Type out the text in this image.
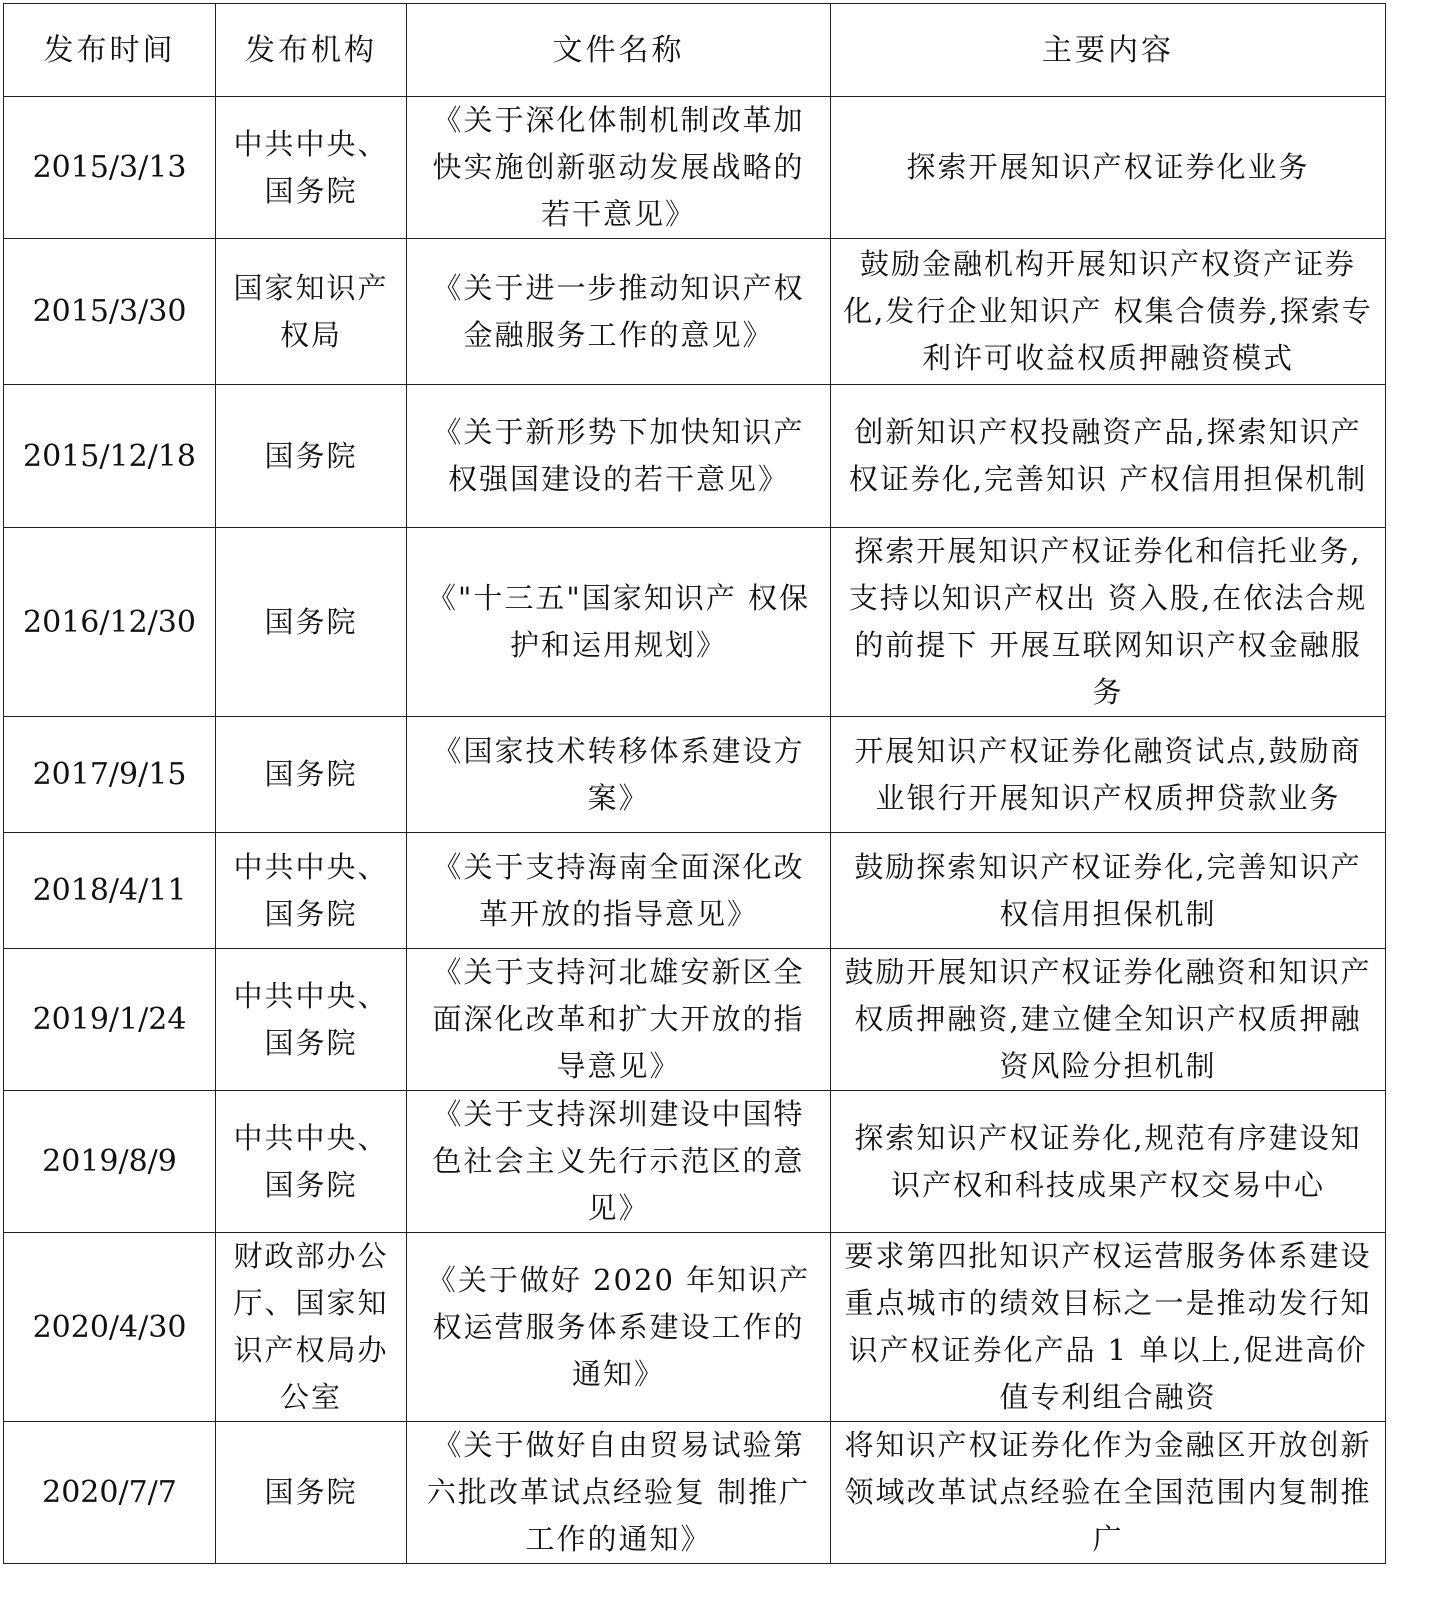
发布时间	发布机构	文件名称	主要内容
2015/3/13	中共中央、国务院	《关于深化体制机制改革加快实施创新驱动发展战略的若干意见》	探索开展知识产权证券化业务
2015/3/30	国家知识产权局	《关于进一步推动知识产权金融服务工作的意见》	鼓励金融机构开展知识产权资产证券化,发行企业知识产 权集合债券,探索专利许可收益权质押融资模式
2015/12/18	国务院	《关于新形势下加快知识产权强国建设的若干意见》	创新知识产权投融资产品,探索知识产权证券化,完善知识 产权信用担保机制
2016/12/30	国务院	《"十三五"国家知识产 权保护和运用规划》	探索开展知识产权证券化和信托业务,支持以知识产权出 资入股,在依法合规的前提下 开展互联网知识产权金融服务
2017/9/15	国务院	《国家技术转移体系建设方案》	开展知识产权证券化融资试点,鼓励商业银行开展知识产权质押贷款业务
2018/4/11	中共中央、国务院	《关于支持海南全面深化改革开放的指导意见》	鼓励探索知识产权证券化,完善知识产权信用担保机制
2019/1/24	中共中央、国务院	《关于支持河北雄安新区全面深化改革和扩大开放的指导意见》	鼓励开展知识产权证券化融资和知识产权质押融资,建立健全知识产权质押融资风险分担机制
2019/8/9	中共中央、国务院	《关于支持深圳建设中国特色社会主义先行示范区的意见》	探索知识产权证券化,规范有序建设知识产权和科技成果产权交易中心
2020/4/30	财政部办公厅、国家知识产权局办公室	《关于做好 2020 年知识产权运营服务体系建设工作的通知》	要求第四批知识产权运营服务体系建设重点城市的绩效目标之一是推动发行知识产权证券化产品 1 单以上,促进高价值专利组合融资
2020/7/7	国务院	《关于做好自由贸易试验第六批改革试点经验复 制推广工作的通知》	将知识产权证券化作为金融区开放创新领域改革试点经验在全国范围内复制推广
